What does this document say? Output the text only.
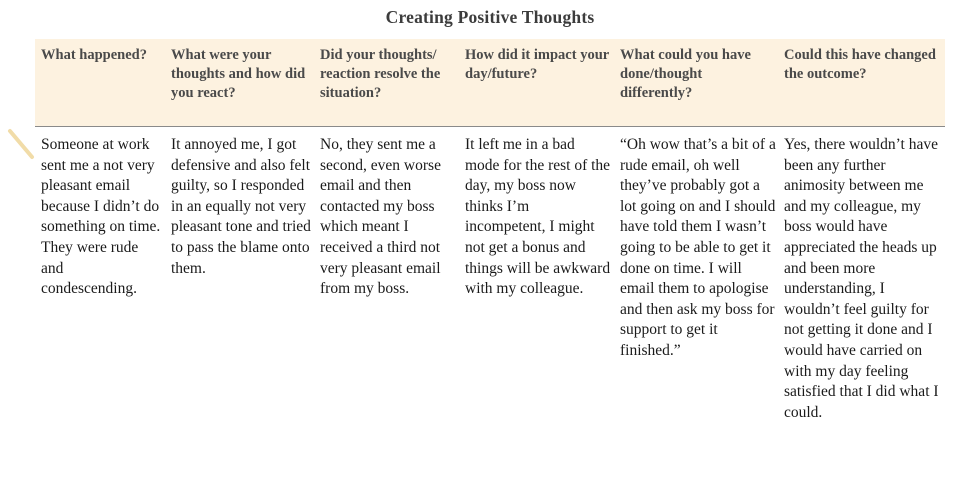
Creating Positive Thoughts
What happened?	What were your thoughts and how did you react?
Did your thoughts/ reaction resolve the situation?
How did it impact your day/future?
What could you have done/thought differently?
Could this have changed the outcome?
Someone at work sent me a not very pleasant email because I didn’t do something on time. They were rude and condescending.
It annoyed me, I got defensive and also felt guilty, so I responded in an equally not very pleasant tone and tried to pass the blame onto them.
No, they sent me a second, even worse email and then contacted my boss which meant I received a third not very pleasant email from my boss.
It left me in a bad mode for the rest of the day, my boss now thinks I’m incompetent, I might not get a bonus and things will be awkward with my colleague.
“Oh wow that’s a bit of a rude email, oh well they’ve probably got a lot going on and I should have told them I wasn’t going to be able to get it done on time. I will email them to apologise and then ask my boss for support to get it finished.”
Yes, there wouldn’t have been any further animosity between me and my colleague, my boss would have appreciated the heads up and been more understanding, I wouldn’t feel guilty for not getting it done and I would have carried on with my day feeling satisfied that I did what I could.
